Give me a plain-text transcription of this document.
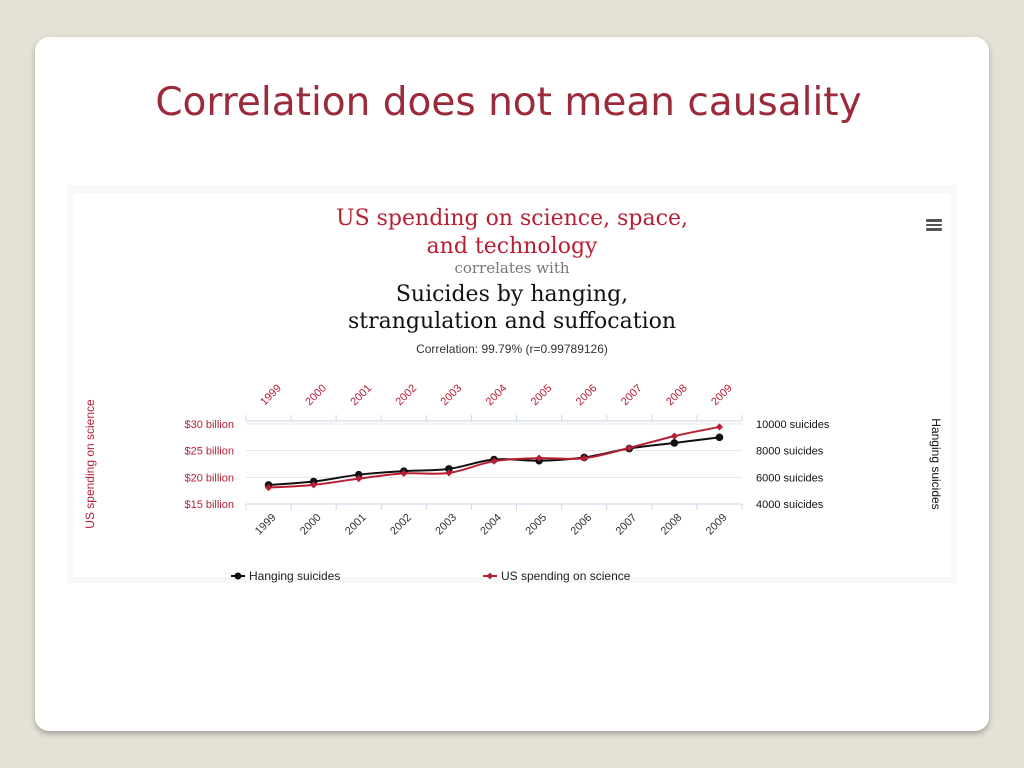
Correlation does not mean causality
US spending on science, space,
and technology
correlates with
Suicides by hanging,
strangulation and suffocation
Correlation: 99.79% (r=0.99789126)
$15 billion
$20 billion
$25 billion
$30 billion
4000 suicides
6000 suicides
8000 suicides
10000 suicides
1999
1999
2000
2000
2001
2001
2002
2002
2003
2003
2004
2004
2005
2005
2006
2006
2007
2007
2008
2008
2009
2009
US spending on science	Hanging suicides
Hanging suicides	US spending on science
